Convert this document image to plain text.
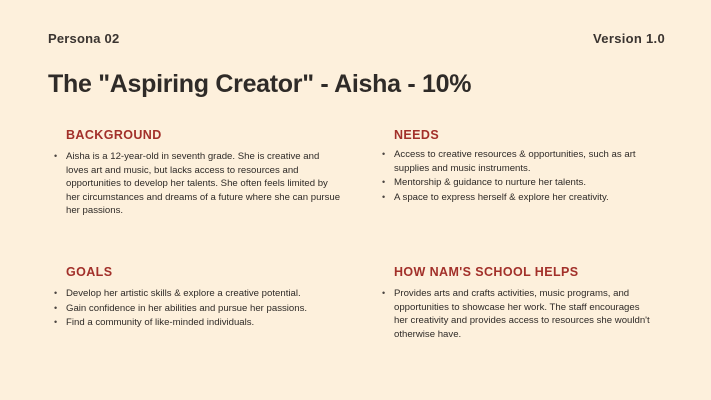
Persona 02	Version 1.0
The "Aspiring Creator" - Aisha - 10%
BACKGROUND
• Aisha is a 12-year-old in seventh grade. She is creative and loves art and music, but lacks access to resources and opportunities to develop her talents. She often feels limited by her circumstances and dreams of a future where she can pursue her passions.
NEEDS
• Access to creative resources & opportunities, such as art supplies and music instruments.
• Mentorship & guidance to nurture her talents.
• A space to express herself & explore her creativity.
GOALS
• Develop her artistic skills & explore a creative potential.
• Gain confidence in her abilities and pursue her passions.
• Find a community of like-minded individuals.
HOW NAM'S SCHOOL HELPS
• Provides arts and crafts activities, music programs, and opportunities to showcase her work. The staff encourages her creativity and provides access to resources she wouldn't otherwise have.
